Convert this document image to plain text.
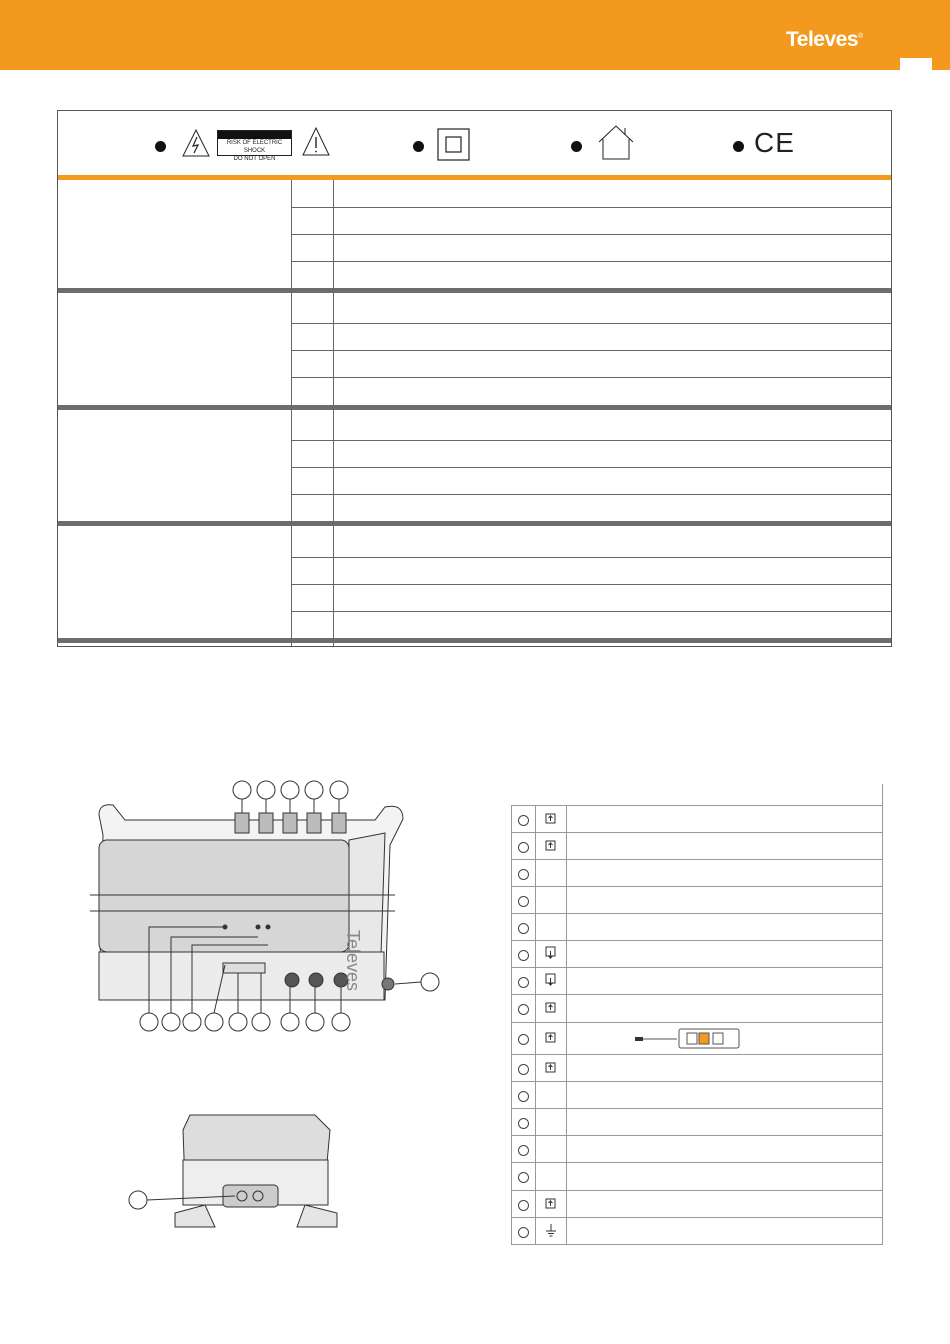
Televes®
RISK OF ELECTRIC SHOCK
DO NOT OPEN
CE
Televes
